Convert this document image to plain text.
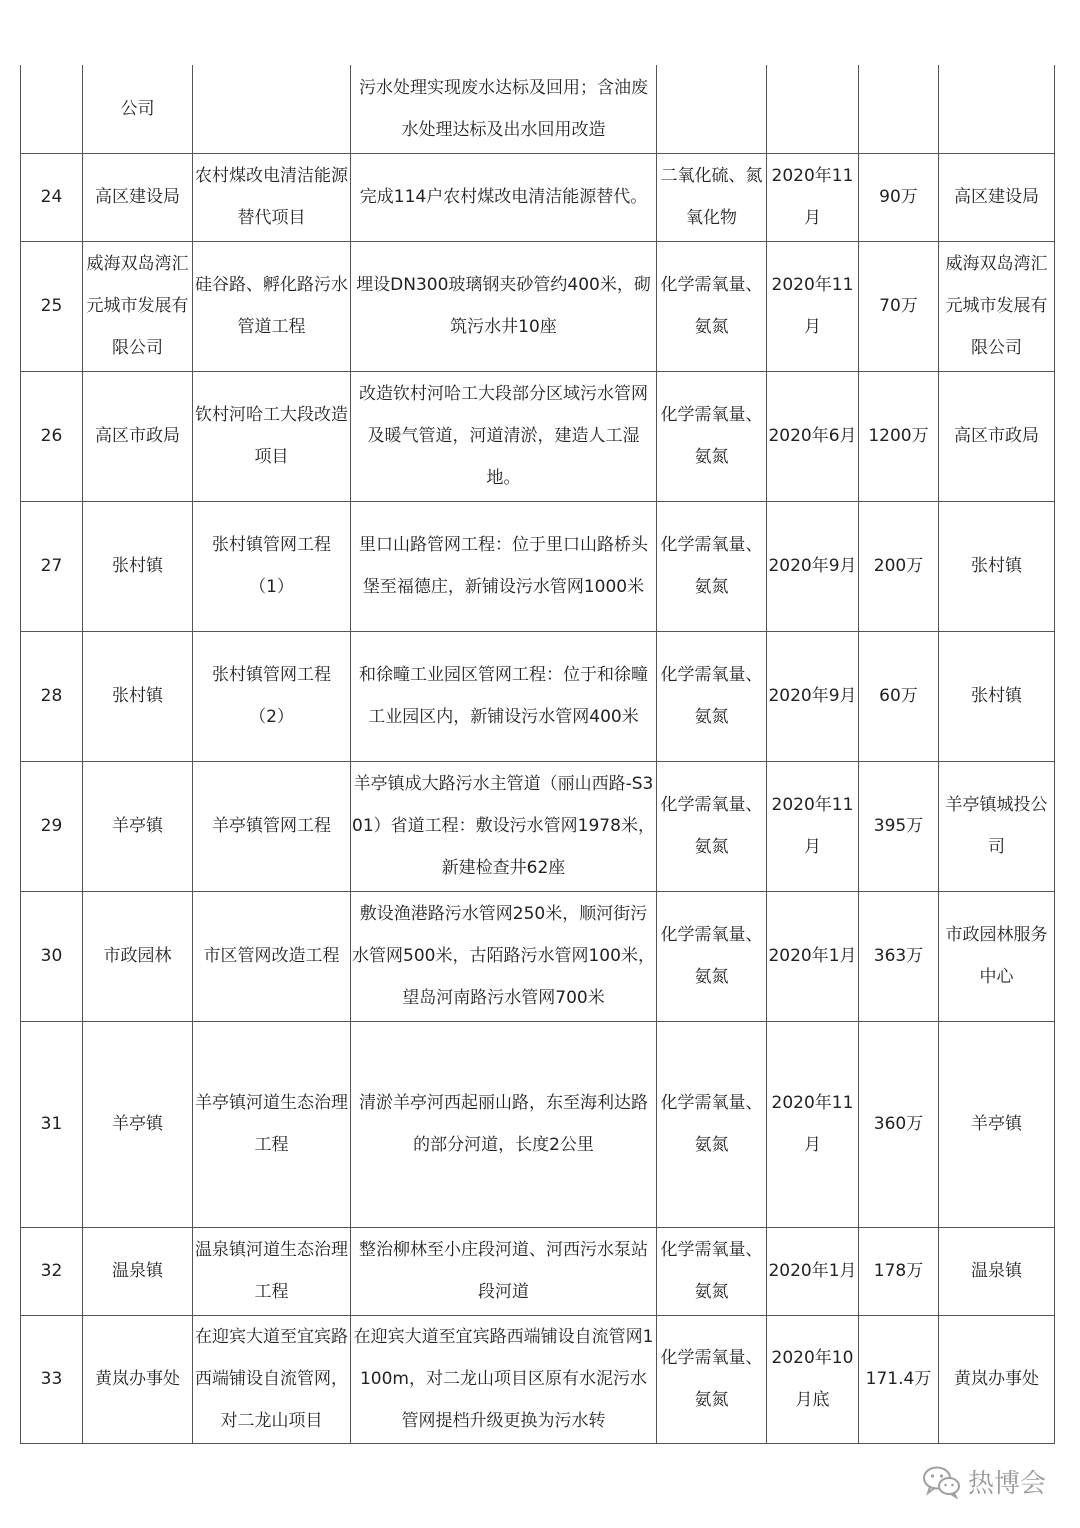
	公司		污水处理实现废水达标及回用；含油废水处理达标及出水回用改造				
24	高区建设局	农村煤改电清洁能源替代项目	完成114户农村煤改电清洁能源替代。	二氧化硫、氮氧化物	2020年11月	90万	高区建设局
25	威海双岛湾汇元城市发展有限公司	硅谷路、孵化路污水管道工程	埋设DN300玻璃钢夹砂管约400米，砌筑污水井10座	化学需氧量、氨氮	2020年11月	70万	威海双岛湾汇元城市发展有限公司
26	高区市政局	钦村河哈工大段改造项目	改造钦村河哈工大段部分区域污水管网及暖气管道，河道清淤，建造人工湿地。	化学需氧量、氨氮	2020年6月	1200万	高区市政局
27	张村镇	张村镇管网工程（1）	里口山路管网工程：位于里口山路桥头堡至福德庄，新铺设污水管网1000米	化学需氧量、氨氮	2020年9月	200万	张村镇
28	张村镇	张村镇管网工程（2）	和徐疃工业园区管网工程：位于和徐疃工业园区内，新铺设污水管网400米	化学需氧量、氨氮	2020年9月	60万	张村镇
29	羊亭镇	羊亭镇管网工程	羊亭镇成大路污水主管道（丽山西路-S301）省道工程：敷设污水管网1978米，新建检查井62座	化学需氧量、氨氮	2020年11月	395万	羊亭镇城投公司
30	市政园林	市区管网改造工程	敷设渔港路污水管网250米，顺河街污水管网500米，古陌路污水管网100米，望岛河南路污水管网700米	化学需氧量、氨氮	2020年1月	363万	市政园林服务中心
31	羊亭镇	羊亭镇河道生态治理工程	清淤羊亭河西起丽山路，东至海利达路的部分河道，长度2公里	化学需氧量、氨氮	2020年11月	360万	羊亭镇
32	温泉镇	温泉镇河道生态治理工程	整治柳林至小庄段河道、河西污水泵站段河道	化学需氧量、氨氮	2020年1月	178万	温泉镇
33	黄岚办事处	在迎宾大道至宜宾路西端铺设自流管网，对二龙山项目	在迎宾大道至宜宾路西端铺设自流管网1100m，对二龙山项目区原有水泥污水管网提档升级更换为污水转	化学需氧量、氨氮	2020年10月底	171.4万	黄岚办事处
热博会
